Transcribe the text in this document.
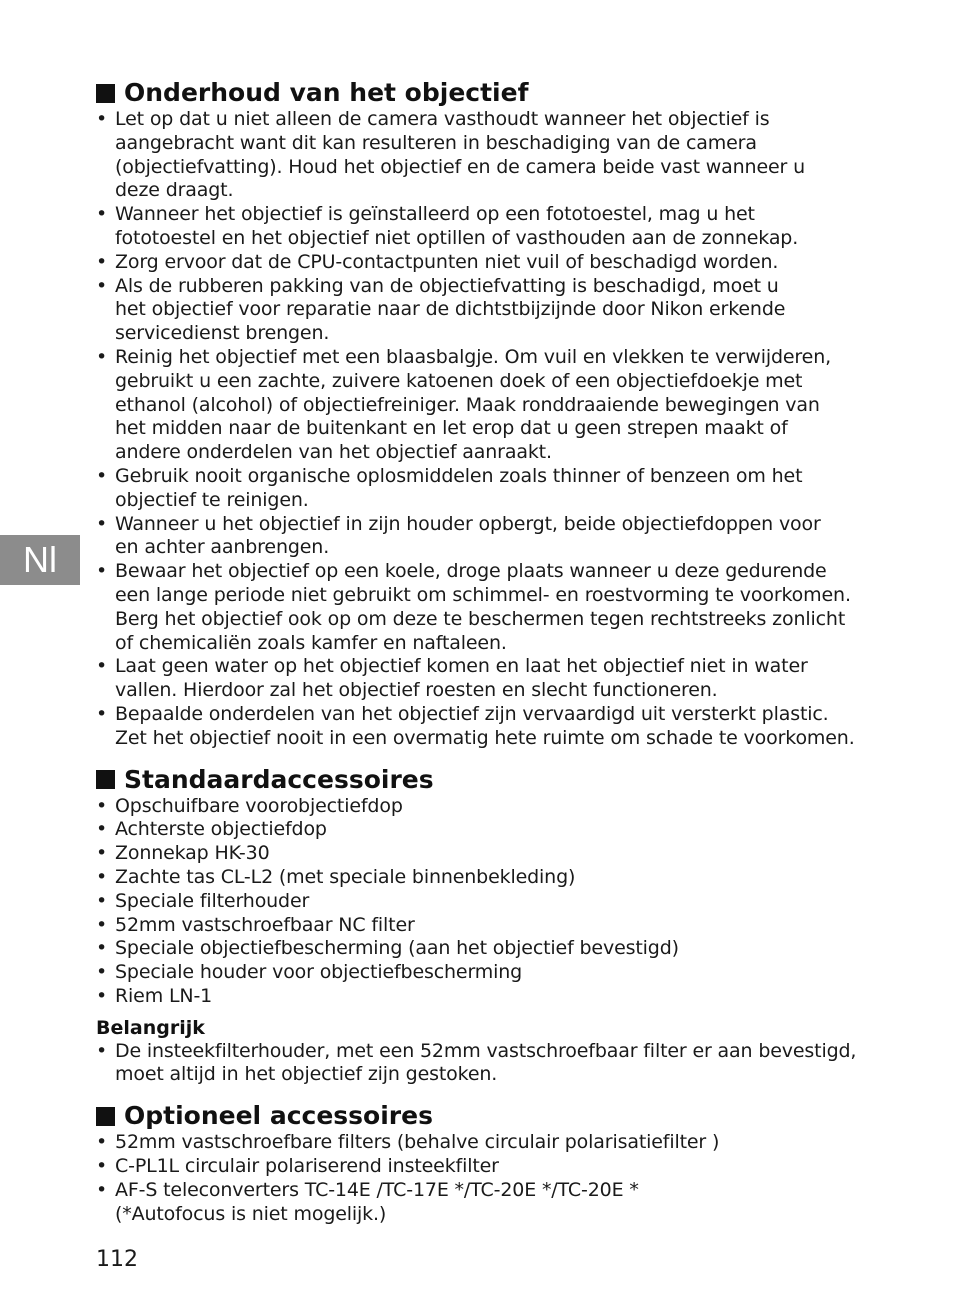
Nl
Onderhoud van het objectief
• Let op dat u niet alleen de camera vasthoudt wanneer het objectief is
aangebracht want dit kan resulteren in beschadiging van de camera
(objectiefvatting). Houd het objectief en de camera beide vast wanneer u
deze draagt.
• Wanneer het objectief is geïnstalleerd op een fototoestel, mag u het
fototoestel en het objectief niet optillen of vasthouden aan de zonnekap.
• Zorg ervoor dat de CPU-contactpunten niet vuil of beschadigd worden.
• Als de rubberen pakking van de objectiefvatting is beschadigd, moet u
het objectief voor reparatie naar de dichtstbijzijnde door Nikon erkende
servicedienst brengen.
• Reinig het objectief met een blaasbalgje. Om vuil en vlekken te verwijderen,
gebruikt u een zachte, zuivere katoenen doek of een objectiefdoekje met
ethanol (alcohol) of objectiefreiniger. Maak ronddraaiende bewegingen van
het midden naar de buitenkant en let erop dat u geen strepen maakt of
andere onderdelen van het objectief aanraakt.
• Gebruik nooit organische oplosmiddelen zoals thinner of benzeen om het
objectief te reinigen.
• Wanneer u het objectief in zijn houder opbergt, beide objectiefdoppen voor
en achter aanbrengen.
• Bewaar het objectief op een koele, droge plaats wanneer u deze gedurende
een lange periode niet gebruikt om schimmel- en roestvorming te voorkomen.
Berg het objectief ook op om deze te beschermen tegen rechtstreeks zonlicht
of chemicaliën zoals kamfer en naftaleen.
• Laat geen water op het objectief komen en laat het objectief niet in water
vallen. Hierdoor zal het objectief roesten en slecht functioneren.
• Bepaalde onderdelen van het objectief zijn vervaardigd uit versterkt plastic.
Zet het objectief nooit in een overmatig hete ruimte om schade te voorkomen.
Standaardaccessoires
• Opschuifbare voorobjectiefdop
• Achterste objectiefdop
• Zonnekap HK-30
• Zachte tas CL-L2 (met speciale binnenbekleding)
• Speciale filterhouder
• 52mm vastschroefbaar NC filter
• Speciale objectiefbescherming (aan het objectief bevestigd)
• Speciale houder voor objectiefbescherming
• Riem LN-1
Belangrijk
• De insteekfilterhouder, met een 52mm vastschroefbaar filter er aan bevestigd,
moet altijd in het objectief zijn gestoken.
Optioneel accessoires
• 52mm vastschroefbare filters (behalve circulair polarisatiefilter )
• C-PL1L circulair polariserend insteekfilter
• AF-S teleconverters TC-14E /TC-17E */TC-20E */TC-20E *
(*Autofocus is niet mogelijk.)
112
